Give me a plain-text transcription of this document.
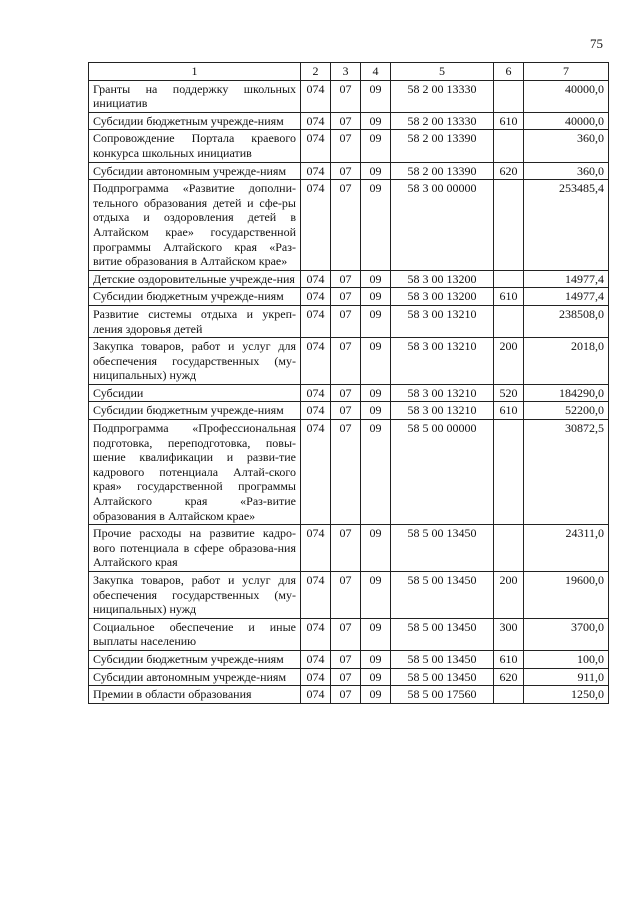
75
1	2	3	4	5	6	7
Гранты на поддержку школьных инициатив	074	07	09	58 2 00 13330		40000,0
Субсидии бюджетным учрежде-ниям	074	07	09	58 2 00 13330	610	40000,0
Сопровождение Портала краевого конкурса школьных инициатив	074	07	09	58 2 00 13390		360,0
Субсидии автономным учрежде-ниям	074	07	09	58 2 00 13390	620	360,0
Подпрограмма «Развитие дополни-тельного образования детей и сфе-ры отдыха и оздоровления детей в Алтайском крае» государственной программы Алтайского края «Раз-витие образования в Алтайском крае»	074	07	09	58 3 00 00000		253485,4
Детские оздоровительные учрежде-ния	074	07	09	58 3 00 13200		14977,4
Субсидии бюджетным учрежде-ниям	074	07	09	58 3 00 13200	610	14977,4
Развитие системы отдыха и укреп-ления здоровья детей	074	07	09	58 3 00 13210		238508,0
Закупка товаров, работ и услуг для обеспечения государственных (му-ниципальных) нужд	074	07	09	58 3 00 13210	200	2018,0
Субсидии	074	07	09	58 3 00 13210	520	184290,0
Субсидии бюджетным учрежде-ниям	074	07	09	58 3 00 13210	610	52200,0
Подпрограмма «Профессиональная подготовка, переподготовка, повы-шение квалификации и разви-тие кадрового потенциала Алтай-ского края» государственной программы Алтайского края «Раз-витие образования в Алтайском крае»	074	07	09	58 5 00 00000		30872,5
Прочие расходы на развитие кадро-вого потенциала в сфере образова-ния Алтайского края	074	07	09	58 5 00 13450		24311,0
Закупка товаров, работ и услуг для обеспечения государственных (му-ниципальных) нужд	074	07	09	58 5 00 13450	200	19600,0
Социальное обеспечение и иные выплаты населению	074	07	09	58 5 00 13450	300	3700,0
Субсидии бюджетным учрежде-ниям	074	07	09	58 5 00 13450	610	100,0
Субсидии автономным учрежде-ниям	074	07	09	58 5 00 13450	620	911,0
Премии в области образования	074	07	09	58 5 00 17560		1250,0
